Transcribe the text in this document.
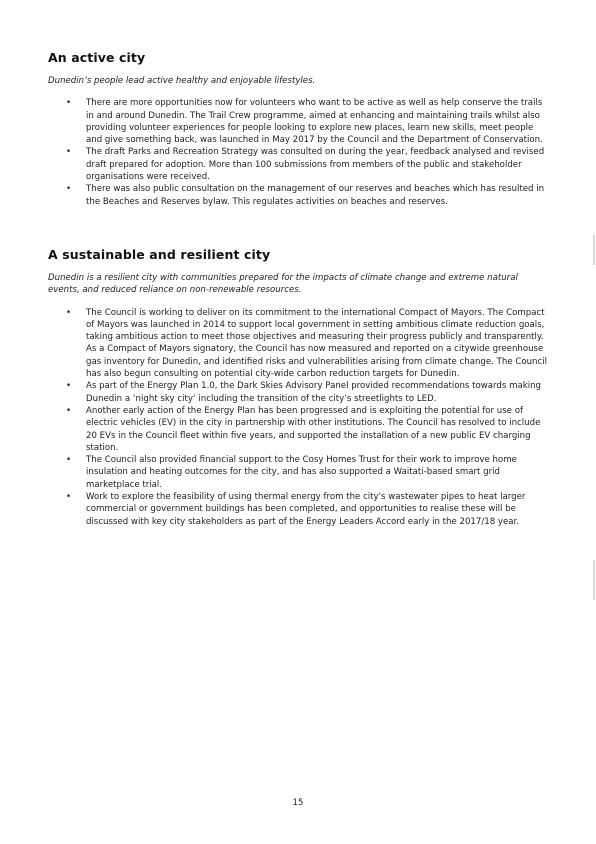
An active city

Dunedin’s people lead active healthy and enjoyable lifestyles.

• There are more opportunities now for volunteers who want to be active as well as help conserve the trails in and around Dunedin. The Trail Crew programme, aimed at enhancing and maintaining trails whilst also providing volunteer experiences for people looking to explore new places, learn new skills, meet people and give something back, was launched in May 2017 by the Council and the Department of Conservation.
• The draft Parks and Recreation Strategy was consulted on during the year, feedback analysed and revised draft prepared for adoption. More than 100 submissions from members of the public and stakeholder organisations were received.
• There was also public consultation on the management of our reserves and beaches which has resulted in the Beaches and Reserves bylaw. This regulates activities on beaches and reserves.
A sustainable and resilient city

Dunedin is a resilient city with communities prepared for the impacts of climate change and extreme natural events, and reduced reliance on non-renewable resources.

• The Council is working to deliver on its commitment to the international Compact of Mayors. The Compact of Mayors was launched in 2014 to support local government in setting ambitious climate reduction goals, taking ambitious action to meet those objectives and measuring their progress publicly and transparently. As a Compact of Mayors signatory, the Council has now measured and reported on a citywide greenhouse gas inventory for Dunedin, and identified risks and vulnerabilities arising from climate change. The Council has also begun consulting on potential city-wide carbon reduction targets for Dunedin.
• As part of the Energy Plan 1.0, the Dark Skies Advisory Panel provided recommendations towards making Dunedin a ‘night sky city’ including the transition of the city’s streetlights to LED.
• Another early action of the Energy Plan has been progressed and is exploiting the potential for use of electric vehicles (EV) in the city in partnership with other institutions. The Council has resolved to include 20 EVs in the Council fleet within five years, and supported the installation of a new public EV charging station.
• The Council also provided financial support to the Cosy Homes Trust for their work to improve home insulation and heating outcomes for the city, and has also supported a Waitati-based smart grid marketplace trial.
• Work to explore the feasibility of using thermal energy from the city's wastewater pipes to heat larger commercial or government buildings has been completed, and opportunities to realise these will be discussed with key city stakeholders as part of the Energy Leaders Accord early in the 2017/18 year.
15
